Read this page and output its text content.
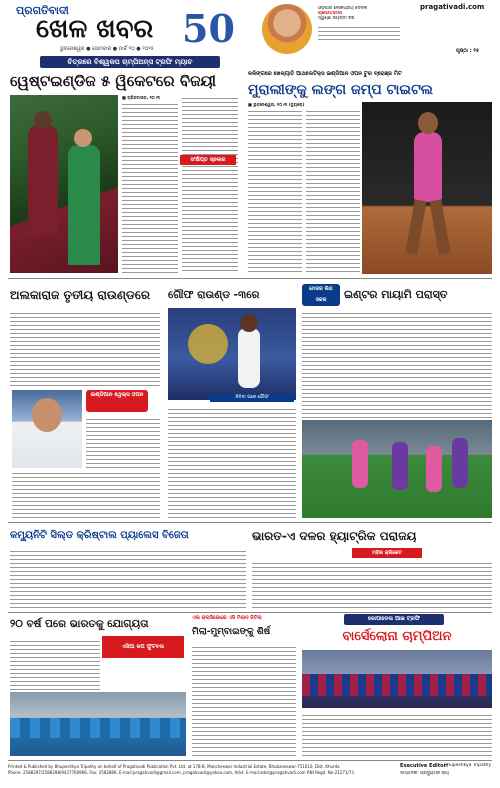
ପ୍ରଗତିବାଦୀ
ଖେଳ ଖବର
ଭୁବନେଶ୍ୱର ● ସୋମବାର ● ମାର୍ଚ୍ଚ ୨୦ ● ୨୦୨୫ 50	ଓଡ଼ିଶାର ଲୋକପ୍ରିୟ ଦୈନିକ
ପ୍ରଗତିବାଦୀ
ସ୍ୱର୍ଣ୍ଣ ଜୟନ୍ତୀ ବର୍ଷ
pragativadi.com
ପୃଷ୍ଠା : ୧୫
ଚିତ୍ରରେ ବିଶ୍ୱକପ ଚାମ୍ପିଅନ୍ସ ଟ୍ରଫି ମ୍ୟାଚ
ୱେଷ୍ଟଇଣ୍ଡିଜ ୫ ୱିକେଟରେ ବିଜୟୀ
■ ବ୍ରିଜଟାଉନ, ୧୦।୩
ସଂକ୍ଷିପ୍ତ ସ୍କୋର
କଳିଙ୍ଗରେ ଖେଳ୍ୟାତି ଆଥଲେଟିକ୍ସ ଇଣ୍ଡିଆନ ଓପନ ଟୁର ବ୍ରୋଞ୍ଜ ମିଟ
ମୁରାଲୀଙ୍କୁ ଲଙ୍ଗ ଜମ୍ପ ଟାଇଟଲ
■ ଭୁବନେଶ୍ୱର, ୧୦।୩ (ବ୍ୟୁରୋ)
ଅଲକାରାଜ ତୃତୀୟ ରାଉଣ୍ଡରେ
ଇଣ୍ଡିଆନ ୱେଲ୍ସ ଓପନ
ଗୌଫ ରାଉଣ୍ଡ -୩ରେ
ଜିତିବା ପରେ ଗୌଫ
ମେଜର ଲିଗ
ସକର	ଇଣ୍ଟର ମାୟାମି ପରାସ୍ତ
କମ୍ୟୁନିଟି ସିଲ୍ଡ କ୍ରିଷ୍ଟାଲ ପ୍ୟାଲେସ ବିଜେତା	ଭାରତ-ଏ ଦଳର ହ୍ୟାଟ୍ରିକ ପରାଜୟ
ମହିଳା କ୍ରିକେଟ
୨୦ ବର୍ଷ ପରେ ଭାରତକୁ ଯୋଗ୍ୟତା
ଏସିଆ କପ ଫୁଟବଲ
ଏଲ କ୍ଲାସିକୋରେ ଏସି ମିଲାନ ଜିତିଲା
ମିଲା-ମୁମ୍ବାଇଙ୍କୁ ଶିର୍ଷ
କୋପାଡେଲ ଆଇ ଟ୍ରଫି
ବାର୍ସେଲୋନା ଚାମ୍ପିଅନ
Printed & Published by Bhupeshkya Tripathy on behalf of Pragativadi Publication Pvt. Ltd. at 178-B, Mancheswar Industrial Estate, Bhubaneswar-751010, Dist. Khurda
Phone: 2588297/2588298/9437766966, Fax: 2582886, E-mail:pragativadi@gmail.com, pragativadi@yahoo.com, Advt. E-mail:advt@pragativadi.com RNI Regd. No-21271/73
Executive Editor:
Bhupeshkya Tripathy
ସମ୍ପାଦକ: ପ୍ରଦ୍ୟୁମ୍ନ ରାୟ
